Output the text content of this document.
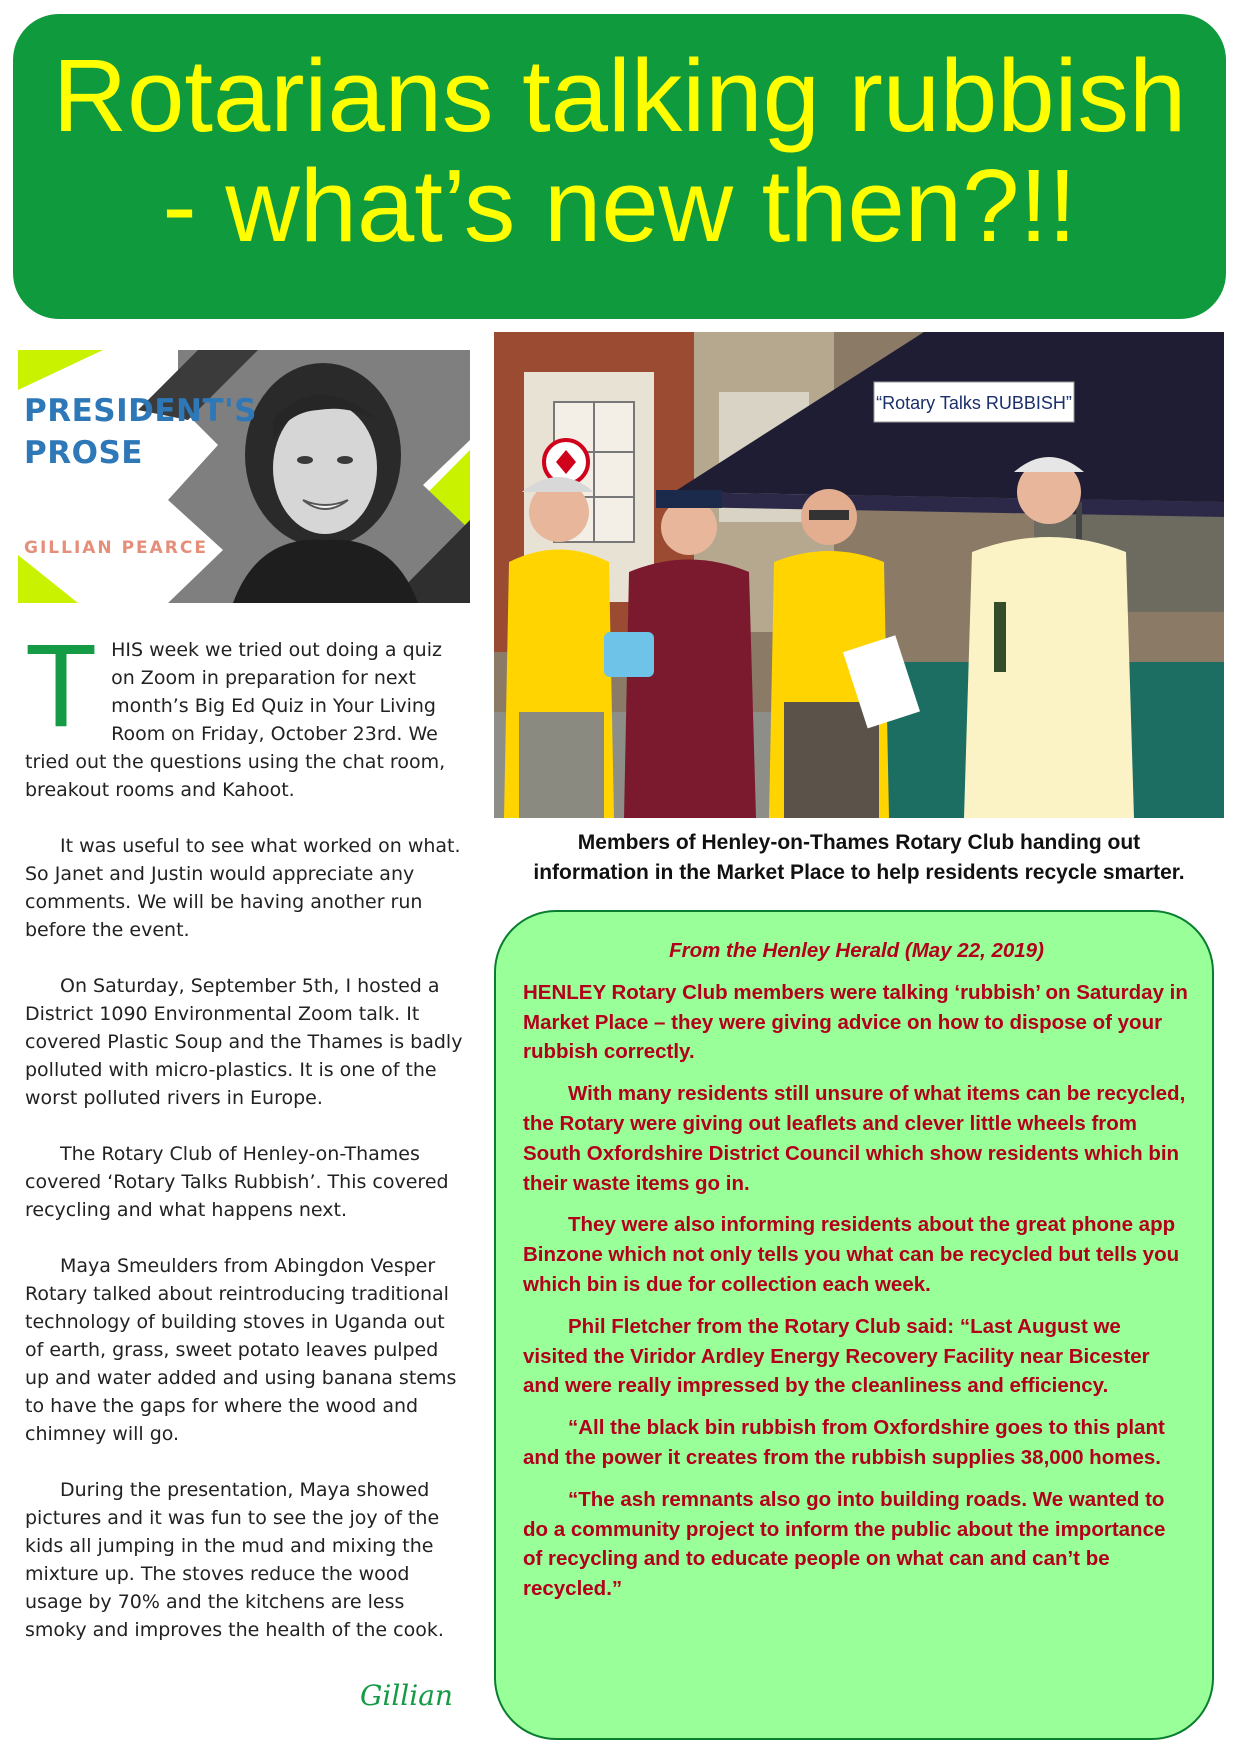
Rotarians talking rubbish
- what’s new then?!!
PRESIDENT'S
PROSE
GILLIAN PEARCE

THIS week we tried out doing a quiz on Zoom in preparation for next month’s Big Ed Quiz in Your Living Room on Friday, October 23rd. We tried out the questions using the chat room, breakout rooms and Kahoot.

It was useful to see what worked on what. So Janet and Justin would appreciate any comments. We will be having another run before the event.

On Saturday, September 5th, I hosted a District 1090 Environmental Zoom talk. It covered Plastic Soup and the Thames is badly polluted with micro-plastics. It is one of the worst polluted rivers in Europe.

The Rotary Club of Henley-on-Thames covered ‘Rotary Talks Rubbish’. This covered recycling and what happens next.

Maya Smeulders from Abingdon Vesper Rotary talked about reintroducing traditional technology of building stoves in Uganda out of earth, grass, sweet potato leaves pulped up and water added and using banana stems to have the gaps for where the wood and chimney will go.

During the presentation, Maya showed pictures and it was fun to see the joy of the kids all jumping in the mud and mixing the mixture up. The stoves reduce the wood usage by 70% and the kitchens are less smoky and improves the health of the cook.

Gillian
“Rotary Talks RUBBISH”
Members of Henley-on-Thames Rotary Club handing out
information in the Market Place to help residents recycle smarter.

From the Henley Herald (May 22, 2019)

HENLEY Rotary Club members were talking ‘rubbish’ on Saturday in Market Place – they were giving advice on how to dispose of your rubbish correctly.

With many residents still unsure of what items can be recycled, the Rotary were giving out leaflets and clever little wheels from South Oxfordshire District Council which show residents which bin their waste items go in.

They were also informing residents about the great phone app Binzone which not only tells you what can be recycled but tells you which bin is due for collection each week.

Phil Fletcher from the Rotary Club said: “Last August we visited the Viridor Ardley Energy Recovery Facility near Bicester and were really impressed by the cleanliness and efficiency.

“All the black bin rubbish from Oxfordshire goes to this plant and the power it creates from the rubbish supplies 38,000 homes.

“The ash remnants also go into building roads. We wanted to do a community project to inform the public about the importance of recycling and to educate people on what can and can’t be recycled.”
